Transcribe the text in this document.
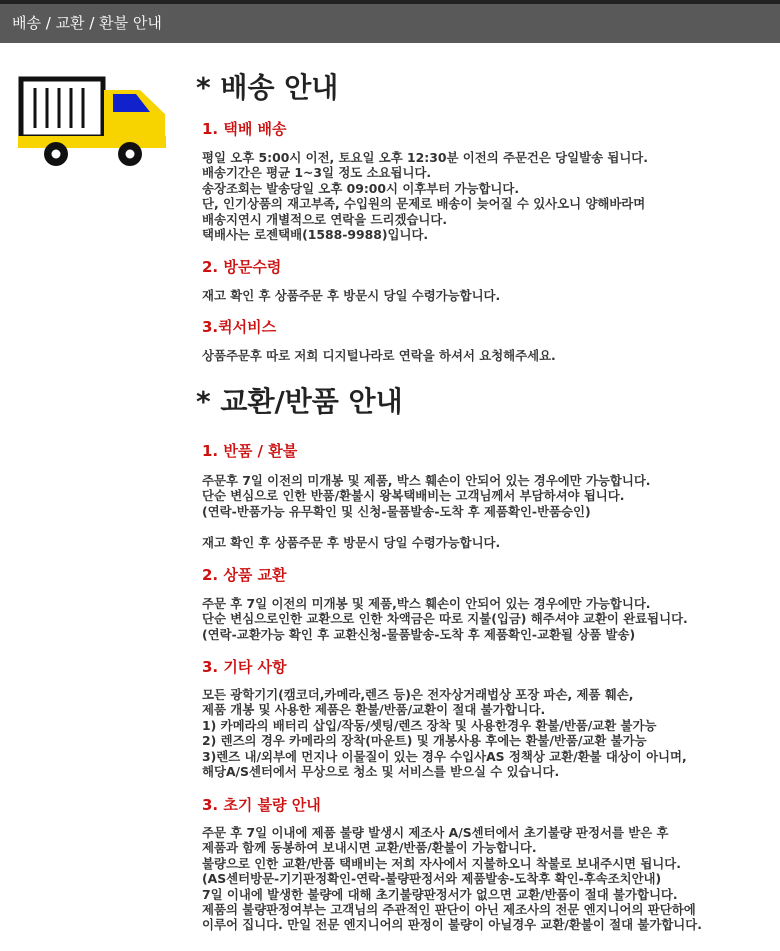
배송 / 교환 / 환불 안내
* 배송 안내
1. 택배 배송
평일 오후 5:00시 이전, 토요일 오후 12:30분 이전의 주문건은 당일발송 됩니다.
배송기간은 평균 1~3일 정도 소요됩니다.
송장조회는 발송당일 오후 09:00시 이후부터 가능합니다.
단, 인기상품의 재고부족, 수입원의 문제로 배송이 늦어질 수 있사오니 양해바라며
배송지연시 개별적으로 연락을 드리겠습니다.
택배사는 로젠택배(1588-9988)입니다.
2. 방문수령
재고 확인 후 상품주문 후 방문시 당일 수령가능합니다.
3.퀵서비스
상품주문후 따로 저희 디지털나라로 연락을 하셔서 요청해주세요.
* 교환/반품 안내
1. 반품 / 환불
주문후 7일 이전의 미개봉 및 제품, 박스 훼손이 안되어 있는 경우에만 가능합니다.
단순 변심으로 인한 반품/환불시 왕복택배비는 고객님께서 부담하셔야 됩니다.
(연락-반품가능 유무확인 및 신청-물품발송-도착 후 제품확인-반품승인)
재고 확인 후 상품주문 후 방문시 당일 수령가능합니다.
2. 상품 교환
주문 후 7일 이전의 미개봉 및 제품,박스 훼손이 안되어 있는 경우에만 가능합니다.
단순 변심으로인한 교환으로 인한 차액금은 따로 지불(입금) 해주셔야 교환이 완료됩니다.
(연락-교환가능 확인 후 교환신청-물품발송-도착 후 제품확인-교환될 상품 발송)
3. 기타 사항
모든 광학기기(캠코더,카메라,렌즈 등)은 전자상거래법상 포장 파손, 제품 훼손,
제품 개봉 및 사용한 제품은 환불/반품/교환이 절대 불가합니다.
1) 카메라의 배터리 삽입/작동/셋팅/렌즈 장착 및 사용한경우 환불/반품/교환 불가능
2) 렌즈의 경우 카메라의 장착(마운트) 및 개봉사용 후에는 환불/반품/교환 불가능
3)렌즈 내/외부에 먼지나 이물질이 있는 경우 수입사AS 정책상 교환/환불 대상이 아니며,
해당A/S센터에서 무상으로 청소 및 서비스를 받으실 수 있습니다.
3. 초기 불량 안내
주문 후 7일 이내에 제품 불량 발생시 제조사 A/S센터에서 초기불량 판정서를 받은 후
제품과 함께 동봉하여 보내시면 교환/반품/환불이 가능합니다.
불량으로 인한 교환/반품 택배비는 저희 자사에서 지불하오니 착불로 보내주시면 됩니다.
(AS센터방문-기기판정확인-연락-불량판정서와 제품발송-도착후 확인-후속조치안내)
7일 이내에 발생한 불량에 대해 초기불량판정서가 없으면 교환/반품이 절대 불가합니다.
제품의 불량판정여부는 고객님의 주관적인 판단이 아닌 제조사의 전문 엔지니어의 판단하에
이루어 집니다. 만일 전문 엔지니어의 판정이 불량이 아닐경우 교환/환불이 절대 불가합니다.
